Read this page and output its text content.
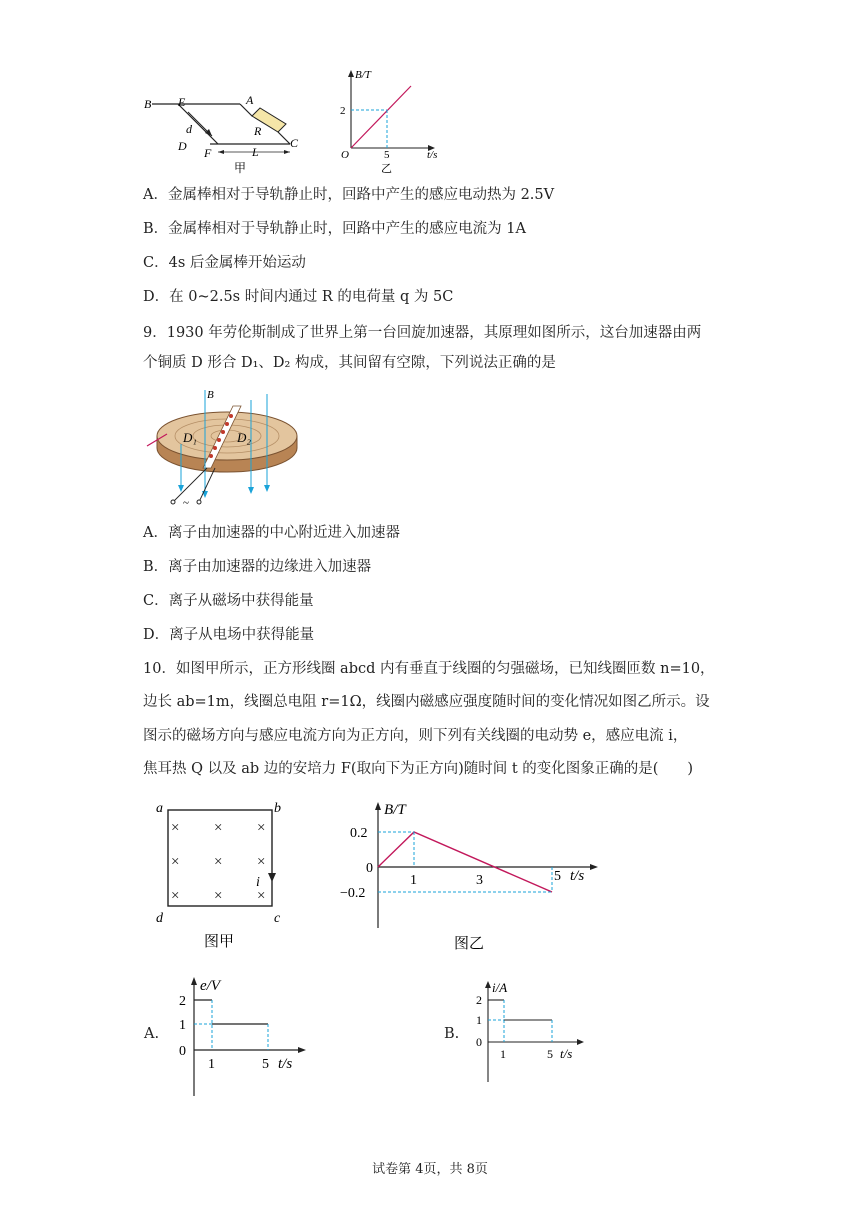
B E	A
R
C
d
D F	L
甲
B/T
2
O	5	t/s
乙
A．金属棒相对于导轨静止时，回路中产生的感应电动热为 2.5V
B．金属棒相对于导轨静止时，回路中产生的感应电流为 1A
C．4s 后金属棒开始运动
D．在 0~2.5s 时间内通过 R 的电荷量 q 为 5C
9．1930 年劳伦斯制成了世界上第一台回旋加速器，其原理如图所示，这台加速器由两
个铜质 D 形合 D₁、D₂ 构成，其间留有空隙，下列说法正确的是
B
D₁	D₂
~
A．离子由加速器的中心附近进入加速器
B．离子由加速器的边缘进入加速器
C．离子从磁场中获得能量
D．离子从电场中获得能量
10．如图甲所示，正方形线圈 abcd 内有垂直于线圈的匀强磁场，已知线圈匝数 n=10，
边长 ab=1m，线圈总电阻 r=1Ω，线圈内磁感应强度随时间的变化情况如图乙所示。设
图示的磁场方向与感应电流方向为正方向，则下列有关线圈的电动势 e，感应电流 i，
焦耳热 Q 以及 ab 边的安培力 F(取向下为正方向)随时间 t 的变化图象正确的是(　　)
× × ×
× × ×
× × ×
a	b
c
d
i
图甲
B/T
0.2
0
−0.2
1	3	5 t/s
图乙
A.
e/V
2
1
0
1	5 t/s
B.
i/A
2
1
0
1	5 t/s
试卷第 4页，共 8页
